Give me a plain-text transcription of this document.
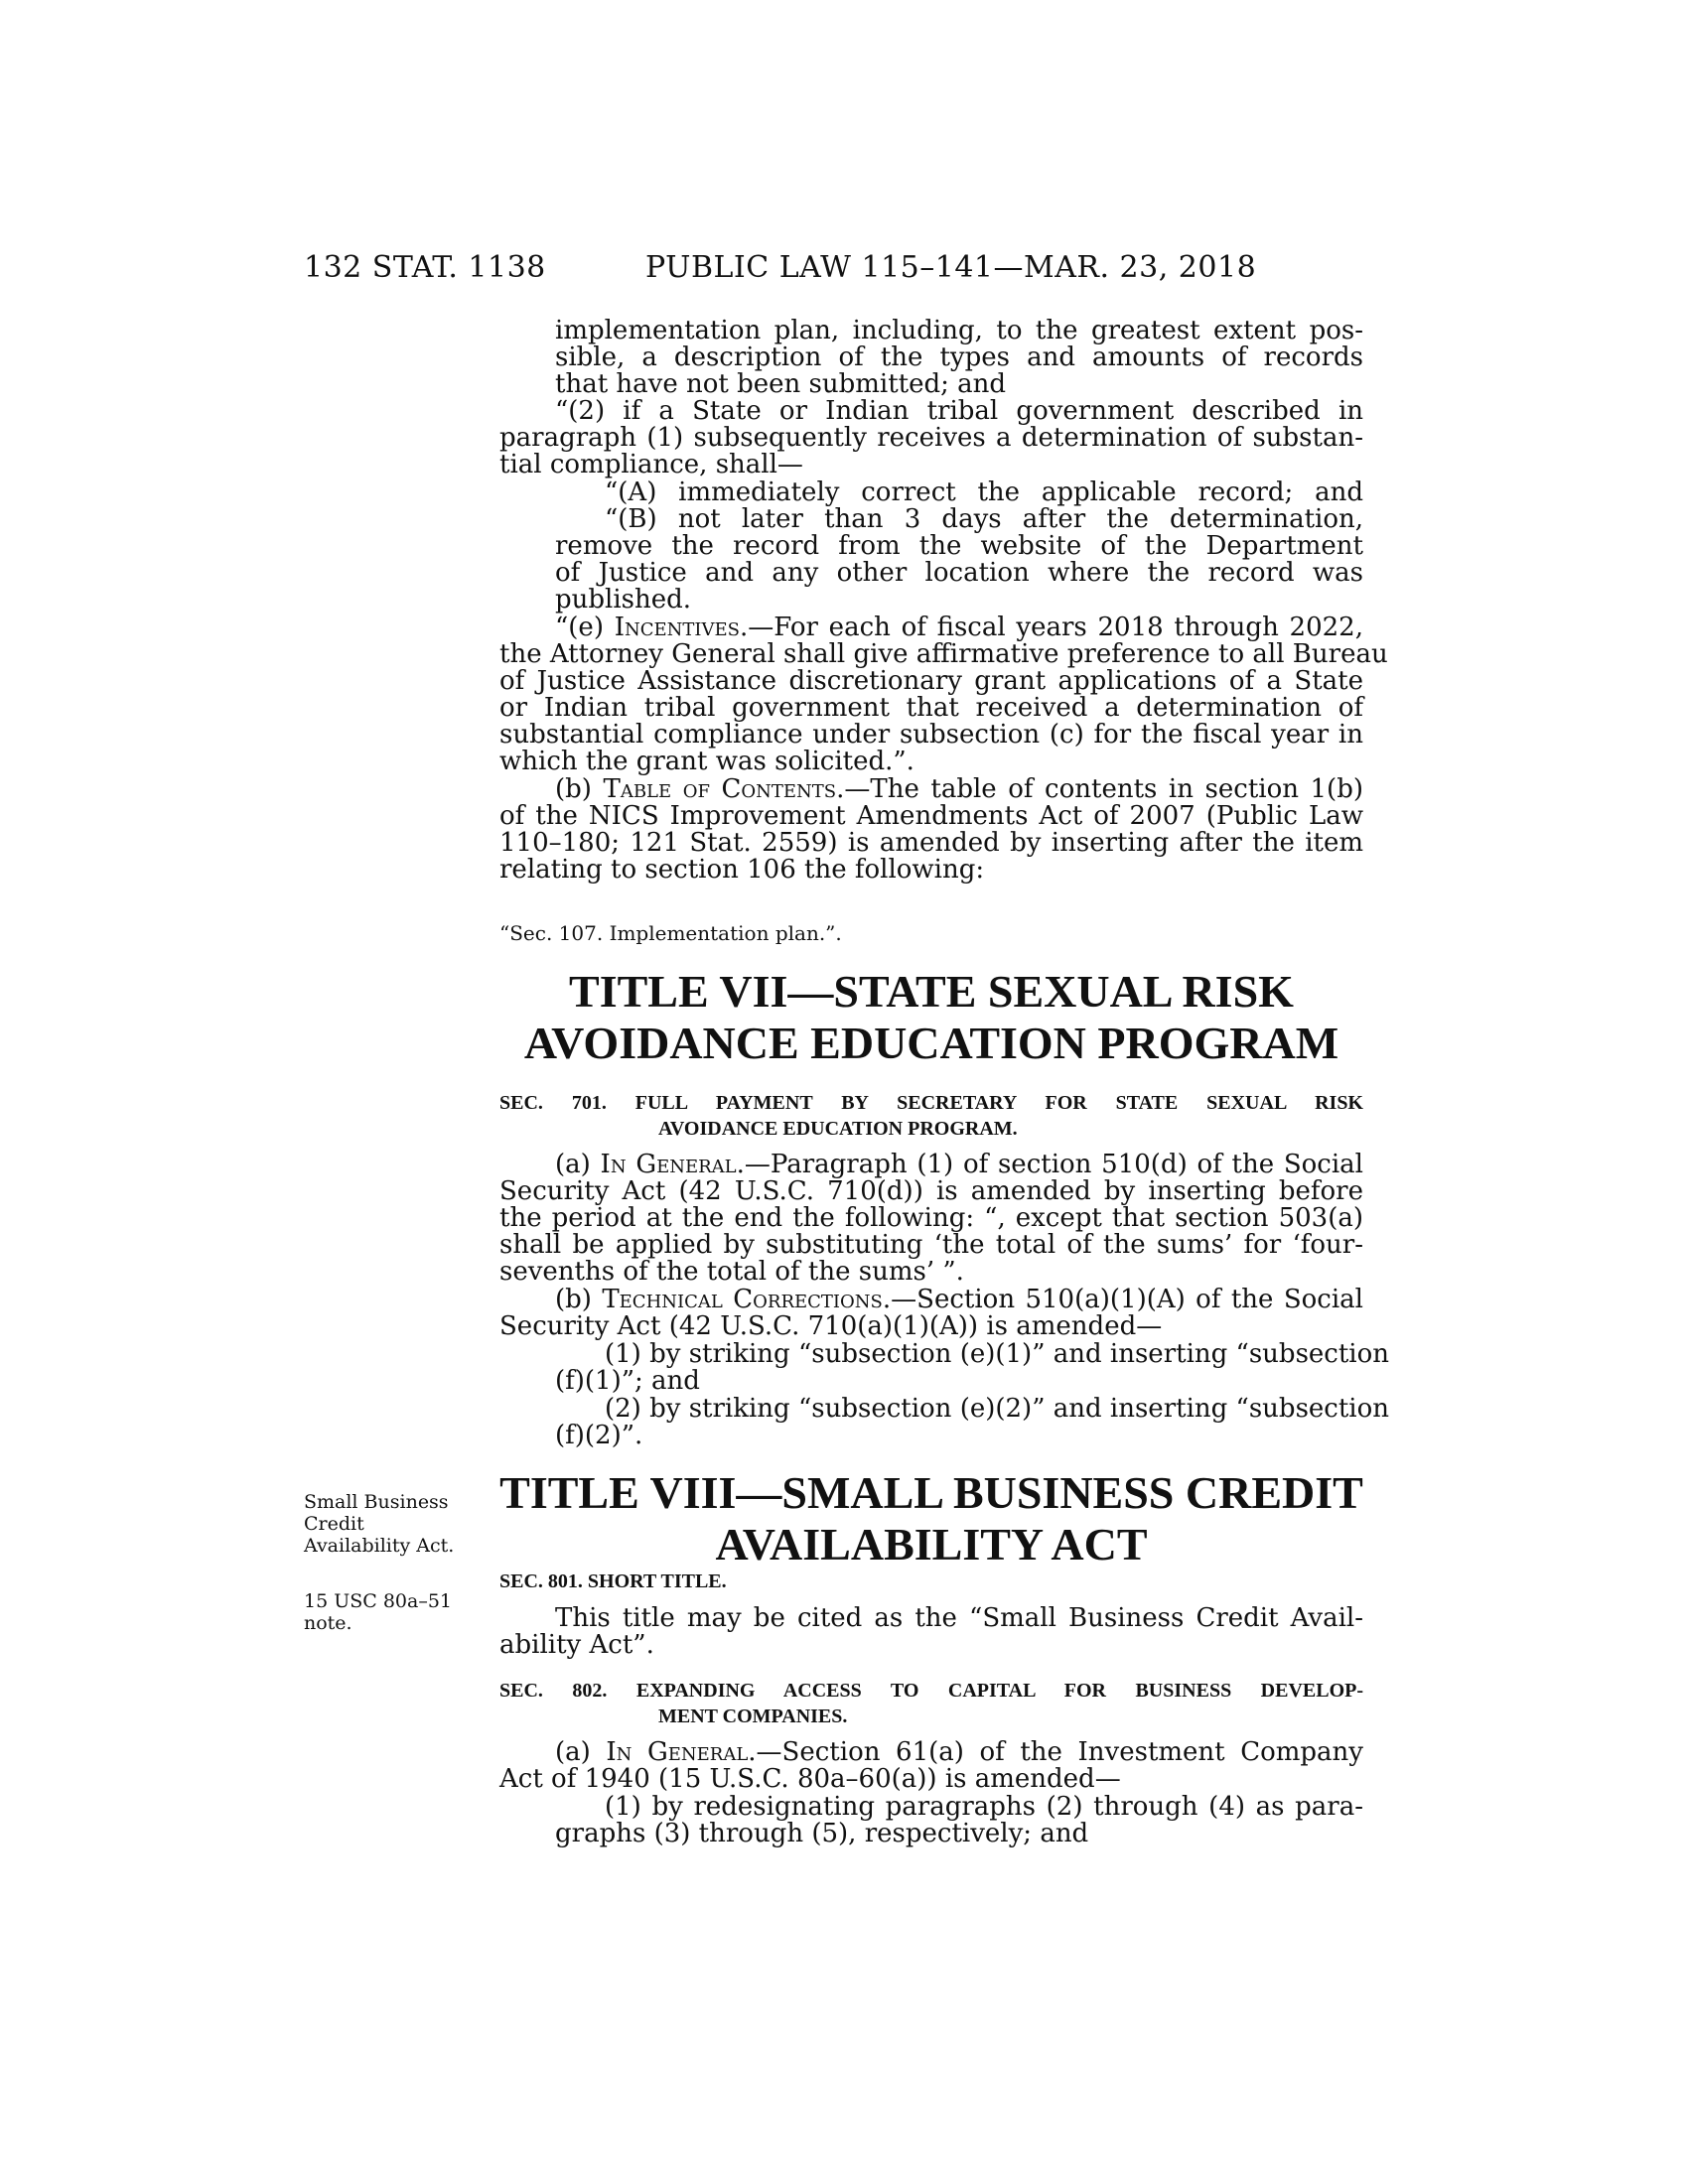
132 STAT. 1138	PUBLIC LAW 115–141—MAR. 23, 2018
implementation plan, including, to the greatest extent pos-
sible, a description of the types and amounts of records
that have not been submitted; and
“(2) if a State or Indian tribal government described in
paragraph (1) subsequently receives a determination of substan-
tial compliance, shall—
“(A) immediately correct the applicable record; and
“(B) not later than 3 days after the determination,
remove the record from the website of the Department
of Justice and any other location where the record was
published.
“(e) Incentives.—For each of fiscal years 2018 through 2022,
the Attorney General shall give affirmative preference to all Bureau
of Justice Assistance discretionary grant applications of a State
or Indian tribal government that received a determination of
substantial compliance under subsection (c) for the fiscal year in
which the grant was solicited.”.
(b) Table of Contents.—The table of contents in section 1(b)
of the NICS Improvement Amendments Act of 2007 (Public Law
110–180; 121 Stat. 2559) is amended by inserting after the item
relating to section 106 the following:
“Sec. 107. Implementation plan.”.
TITLE VII—STATE SEXUAL RISK
AVOIDANCE EDUCATION PROGRAM
SEC. 701. FULL PAYMENT BY SECRETARY FOR STATE SEXUAL RISK
AVOIDANCE EDUCATION PROGRAM.
(a) In General.—Paragraph (1) of section 510(d) of the Social
Security Act (42 U.S.C. 710(d)) is amended by inserting before
the period at the end the following: “, except that section 503(a)
shall be applied by substituting ‘the total of the sums’ for ‘four-
sevenths of the total of the sums’ ”.
(b) Technical Corrections.—Section 510(a)(1)(A) of the Social
Security Act (42 U.S.C. 710(a)(1)(A)) is amended—
(1) by striking “subsection (e)(1)” and inserting “subsection
(f)(1)”; and
(2) by striking “subsection (e)(2)” and inserting “subsection
(f)(2)”.
TITLE VIII—SMALL BUSINESS CREDIT
AVAILABILITY ACT
SEC. 801. SHORT TITLE.
This title may be cited as the “Small Business Credit Avail-
ability Act”.
SEC. 802. EXPANDING ACCESS TO CAPITAL FOR BUSINESS DEVELOP-
MENT COMPANIES.
(a) In General.—Section 61(a) of the Investment Company
Act of 1940 (15 U.S.C. 80a–60(a)) is amended—
(1) by redesignating paragraphs (2) through (4) as para-
graphs (3) through (5), respectively; and
Small Business
Credit
Availability Act.
15 USC 80a–51
note.
